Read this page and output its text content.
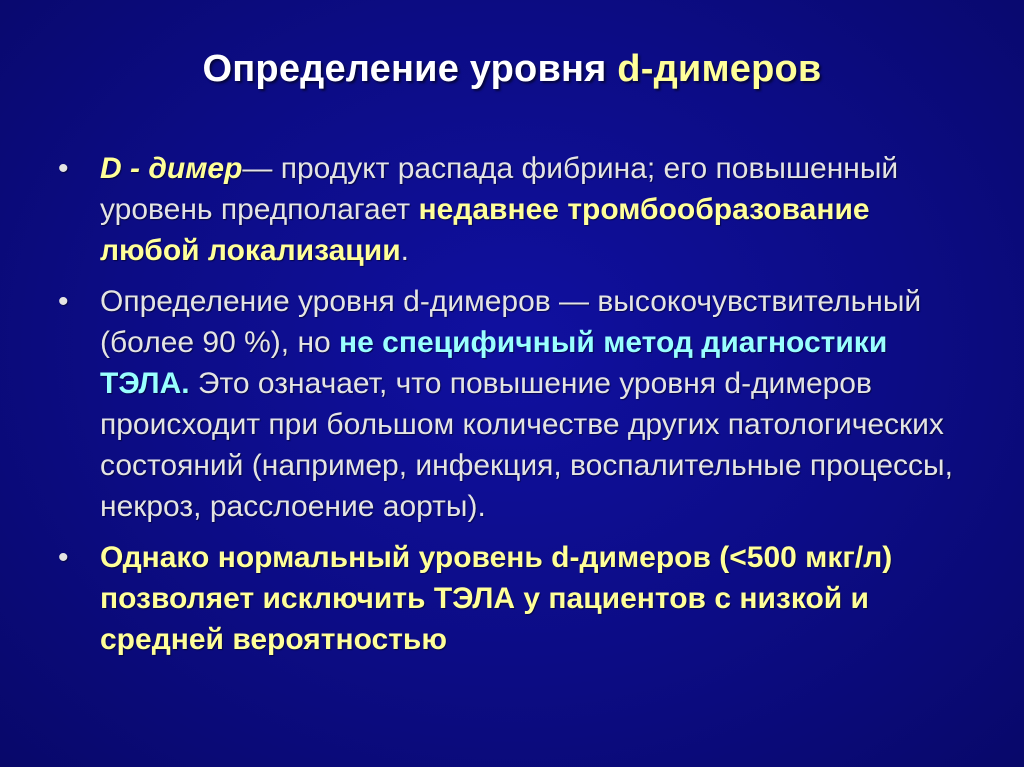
Определение уровня d-димеров
• D - димер— продукт распада фибрина; его повышенный уровень предполагает недавнее тромбообразование любой локализации.
• Определение уровня d-димеров — высокочувствительный (более 90 %), но не специфичный метод диагностики ТЭЛА. Это означает, что повышение уровня d-димеров происходит при большом количестве других патологических состояний (например, инфекция, воспалительные процессы, некроз, расслоение аорты).
• Однако нормальный уровень d-димеров (<500 мкг/л) позволяет исключить ТЭЛА у пациентов с низкой и средней вероятностью
